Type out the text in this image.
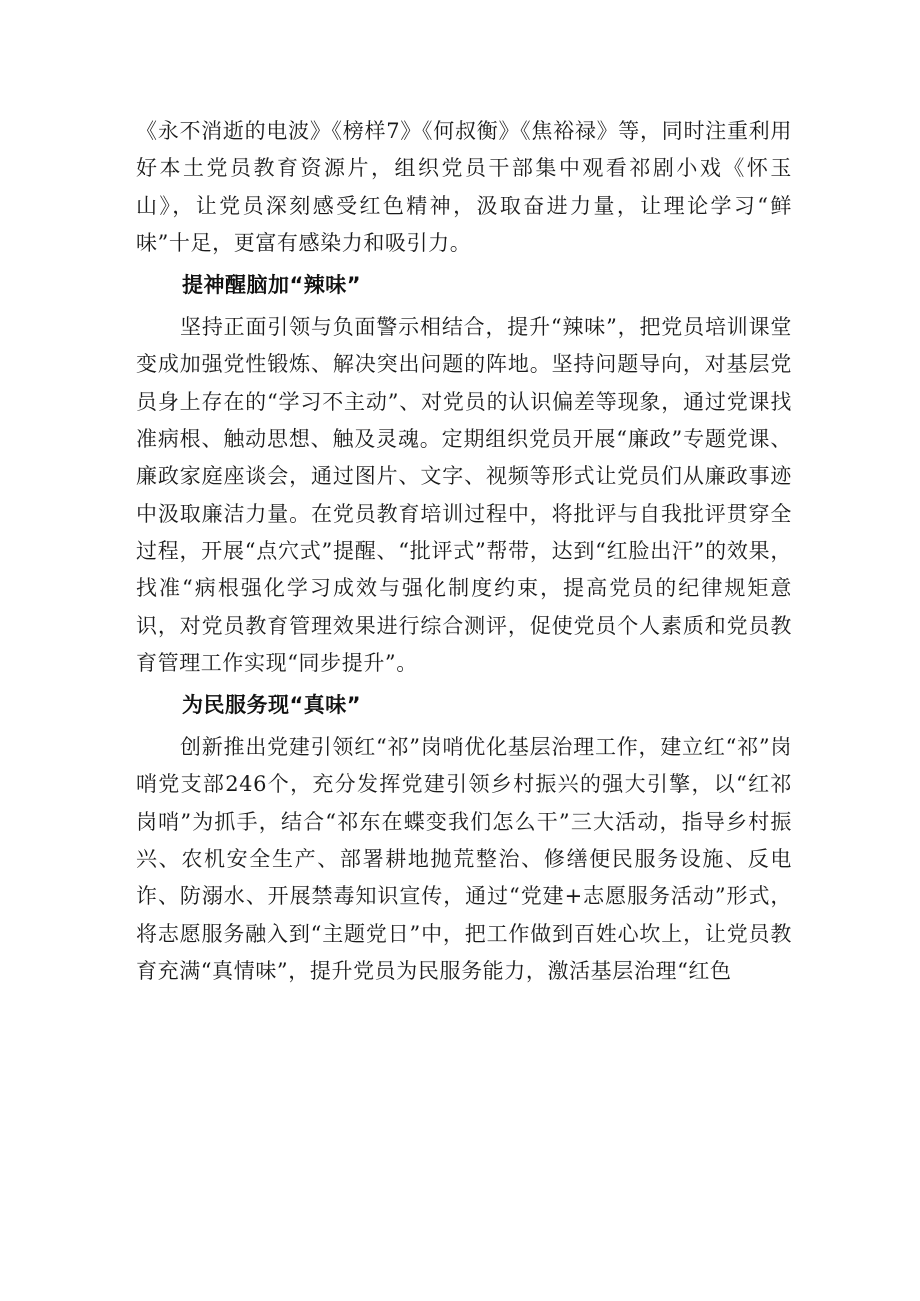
《永不消逝的电波》《榜样7》《何叔衡》《焦裕禄》等，同时注重利用好本土党员教育资源片，组织党员干部集中观看祁剧小戏《怀玉山》，让党员深刻感受红色精神，汲取奋进力量，让理论学习“鲜味”十足，更富有感染力和吸引力。

提神醒脑加“辣味”

坚持正面引领与负面警示相结合，提升“辣味”，把党员培训课堂变成加强党性锻炼、解决突出问题的阵地。坚持问题导向，对基层党员身上存在的“学习不主动”、对党员的认识偏差等现象，通过党课找准病根、触动思想、触及灵魂。定期组织党员开展“廉政”专题党课、廉政家庭座谈会，通过图片、文字、视频等形式让党员们从廉政事迹中汲取廉洁力量。在党员教育培训过程中，将批评与自我批评贯穿全过程，开展“点穴式”提醒、“批评式”帮带，达到“红脸出汗”的效果，找准“病根强化学习成效与强化制度约束，提高党员的纪律规矩意识，对党员教育管理效果进行综合测评，促使党员个人素质和党员教育管理工作实现“同步提升”。

为民服务现“真味”

创新推出党建引领红“祁”岗哨优化基层治理工作，建立红“祁”岗哨党支部246个，充分发挥党建引领乡村振兴的强大引擎，以“红祁岗哨”为抓手，结合“祁东在蝶变我们怎么干”三大活动，指导乡村振兴、农机安全生产、部署耕地抛荒整治、修缮便民服务设施、反电诈、防溺水、开展禁毒知识宣传，通过“党建+志愿服务活动”形式，将志愿服务融入到“主题党日”中，把工作做到百姓心坎上，让党员教育充满“真情味”，提升党员为民服务能力，激活基层治理“红色
